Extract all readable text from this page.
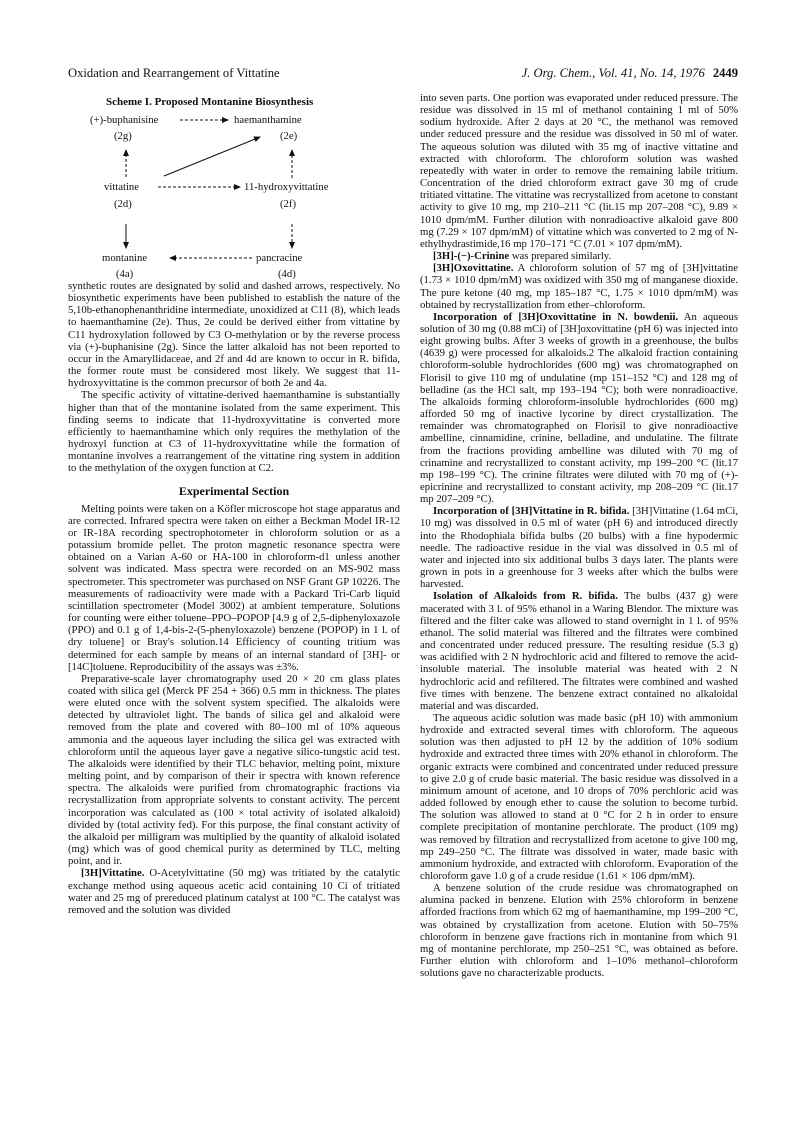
Oxidation and Rearrangement of Vittatine	J. Org. Chem., Vol. 41, No. 14, 1976 2449
Scheme I. Proposed Montanine Biosynthesis
(+)-buphanisine
(2g)
haemanthamine
(2e)
vittatine
(2d)
11-hydroxyvittatine
(2f)
montanine
(4a)
pancracine
(4d)

synthetic routes are designated by solid and dashed arrows, respectively. No biosynthetic experiments have been published to establish the nature of the 5,10b-ethanophenanthridine intermediate, unoxidized at C11 (8), which leads to haemanthamine (2e). Thus, 2e could be derived either from vittatine by C11 hydroxylation followed by C3 O-methylation or by the reverse process via (+)-buphanisine (2g). Since the latter alkaloid has not been reported to occur in the Amaryllidaceae, and 2f and 4d are known to occur in R. bifida, the former route must be considered most likely. We suggest that 11-hydroxyvittatine is the common precursor of both 2e and 4a.

The specific activity of vittatine-derived haemanthamine is substantially higher than that of the montanine isolated from the same experiment. This finding seems to indicate that 11-hydroxyvittatine is converted more efficiently to haemanthamine which only requires the methylation of the hydroxyl function at C3 of 11-hydroxyvittatine while the formation of montanine involves a rearrangement of the vittatine ring system in addition to the methylation of the oxygen function at C2.

Experimental Section

Melting points were taken on a Köfler microscope hot stage apparatus and are corrected. Infrared spectra were taken on either a Beckman Model IR-12 or IR-18A recording spectrophotometer in chloroform solution or as a potassium bromide pellet. The proton magnetic resonance spectra were obtained on a Varian A-60 or HA-100 in chloroform-d1 unless another solvent was indicated. Mass spectra were recorded on an MS-902 mass spectrometer. This spectrometer was purchased on NSF Grant GP 10226. The measurements of radioactivity were made with a Packard Tri-Carb liquid scintillation spectrometer (Model 3002) at ambient temperature. Solutions for counting were either toluene–PPO–POPOP [4.9 g of 2,5-diphenyloxazole (PPO) and 0.1 g of 1,4-bis-2-(5-phenyloxazole) benzene (POPOP) in 1 l. of dry toluene] or Bray's solution.14 Efficiency of counting tritium was determined for each sample by means of an internal standard of [3H]- or [14C]toluene. Reproducibility of the assays was ±3%.

Preparative-scale layer chromatography used 20 × 20 cm glass plates coated with silica gel (Merck PF 254 + 366) 0.5 mm in thickness. The plates were eluted once with the solvent system specified. The alkaloids were detected by ultraviolet light. The bands of silica gel and alkaloid were removed from the plate and covered with 80–100 ml of 10% aqueous ammonia and the aqueous layer including the silica gel was extracted with chloroform until the aqueous layer gave a negative silico-tungstic acid test. The alkaloids were identified by their TLC behavior, melting point, mixture melting point, and by comparison of their ir spectra with known reference spectra. The alkaloids were purified from chromatographic fractions via recrystallization from appropriate solvents to constant activity. The percent incorporation was calculated as (100 × total activity of isolated alkaloid) divided by (total activity fed). For this purpose, the final constant activity of the alkaloid per milligram was multiplied by the quantity of alkaloid isolated (mg) which was of good chemical purity as determined by TLC, melting point, and ir.

[3H]Vittatine. O-Acetylvittatine (50 mg) was tritiated by the catalytic exchange method using aqueous acetic acid containing 10 Ci of tritiated water and 25 mg of prereduced platinum catalyst at 100 °C. The catalyst was removed and the solution was divided

into seven parts. One portion was evaporated under reduced pressure. The residue was dissolved in 15 ml of methanol containing 1 ml of 50% sodium hydroxide. After 2 days at 20 °C, the methanol was removed under reduced pressure and the residue was dissolved in 50 ml of water. The aqueous solution was diluted with 35 mg of inactive vittatine and extracted with chloroform. The chloroform solution was washed repeatedly with water in order to remove the remaining labile tritium. Concentration of the dried chloroform extract gave 30 mg of crude tritiated vittatine. The vittatine was recrystallized from acetone to constant activity to give 10 mg, mp 210–211 °C (lit.15 mp 207–208 °C), 9.89 × 1010 dpm/mM. Further dilution with nonradioactive alkaloid gave 800 mg (7.29 × 107 dpm/mM) of vittatine which was converted to 2 mg of N-ethylhydrastimide,16 mp 170–171 °C (7.01 × 107 dpm/mM).

[3H]-(−)-Crinine was prepared similarly.

[3H]Oxovittatine. A chloroform solution of 57 mg of [3H]vittatine (1.73 × 1010 dpm/mM) was oxidized with 350 mg of manganese dioxide. The pure ketone (40 mg, mp 185–187 °C, 1.75 × 1010 dpm/mM) was obtained by recrystallization from ether–chloroform.

Incorporation of [3H]Oxovittatine in N. bowdenii. An aqueous solution of 30 mg (0.88 mCi) of [3H]oxovittatine (pH 6) was injected into eight growing bulbs. After 3 weeks of growth in a greenhouse, the bulbs (4639 g) were processed for alkaloids.2 The alkaloid fraction containing chloroform-soluble hydrochlorides (600 mg) was chromatographed on Florisil to give 110 mg of undulatine (mp 151–152 °C) and 128 mg of belladine (as the HCl salt, mp 193–194 °C); both were nonradioactive. The alkaloids forming chloroform-insoluble hydrochlorides (600 mg) afforded 50 mg of inactive lycorine by direct crystallization. The remainder was chromatographed on Florisil to give nonradioactive ambelline, cinnamidine, crinine, belladine, and undulatine. The filtrate from the fractions providing ambelline was diluted with 70 mg of crinamine and recrystallized to constant activity, mp 199–200 °C (lit.17 mp 198–199 °C). The crinine filtrates were diluted with 70 mg of (+)-epicrinine and recrystallized to constant activity, mp 208–209 °C (lit.17 mp 207–209 °C).

Incorporation of [3H]Vittatine in R. bifida. [3H]Vittatine (1.64 mCi, 10 mg) was dissolved in 0.5 ml of water (pH 6) and introduced directly into the Rhodophiala bifida bulbs (20 bulbs) with a fine hypodermic needle. The radioactive residue in the vial was dissolved in 0.5 ml of water and injected into six additional bulbs 3 days later. The plants were grown in pots in a greenhouse for 3 weeks after which the bulbs were harvested.

Isolation of Alkaloids from R. bifida. The bulbs (437 g) were macerated with 3 l. of 95% ethanol in a Waring Blendor. The mixture was filtered and the filter cake was allowed to stand overnight in 1 l. of 95% ethanol. The solid material was filtered and the filtrates were combined and concentrated under reduced pressure. The resulting residue (5.3 g) was acidified with 2 N hydrochloric acid and filtered to remove the acid-insoluble material. The insoluble material was heated with 2 N hydrochloric acid and refiltered. The filtrates were combined and washed five times with benzene. The benzene extract contained no alkaloidal material and was discarded.

The aqueous acidic solution was made basic (pH 10) with ammonium hydroxide and extracted several times with chloroform. The aqueous solution was then adjusted to pH 12 by the addition of 10% sodium hydroxide and extracted three times with 20% ethanol in chloroform. The organic extracts were combined and concentrated under reduced pressure to give 2.0 g of crude basic material. The basic residue was dissolved in a minimum amount of acetone, and 10 drops of 70% perchloric acid was added followed by enough ether to cause the solution to become turbid. The solution was allowed to stand at 0 °C for 2 h in order to ensure complete precipitation of montanine perchlorate. The product (109 mg) was removed by filtration and recrystallized from acetone to give 100 mg, mp 249–250 °C. The filtrate was dissolved in water, made basic with ammonium hydroxide, and extracted with chloroform. Evaporation of the chloroform gave 1.0 g of a crude residue (1.61 × 106 dpm/mM).

A benzene solution of the crude residue was chromatographed on alumina packed in benzene. Elution with 25% chloroform in benzene afforded fractions from which 62 mg of haemanthamine, mp 199–200 °C, was obtained by crystallization from acetone. Elution with 50–75% chloroform in benzene gave fractions rich in montanine from which 91 mg of montanine perchlorate, mp 250–251 °C, was obtained as before. Further elution with chloroform and 1–10% methanol–chloroform solutions gave no characterizable products.
